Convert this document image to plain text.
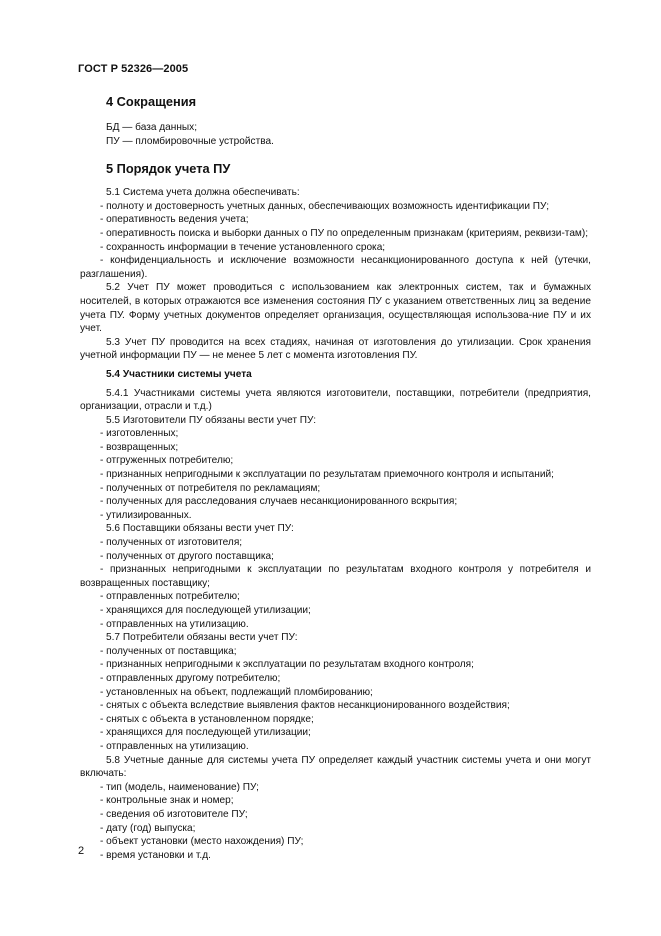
ГОСТ Р 52326—2005
4 Сокращения

БД — база данных;

ПУ — пломбировочные устройства.

5 Порядок учета ПУ

5.1 Система учета должна обеспечивать:

- полноту и достоверность учетных данных, обеспечивающих возможность идентификации ПУ;

- оперативность ведения учета;

- оперативность поиска и выборки данных о ПУ по определенным признакам (критериям, реквизи-там);

- сохранность информации в течение установленного срока;

- конфиденциальность и исключение возможности несанкционированного доступа к ней (утечки, разглашения).

5.2 Учет ПУ может проводиться с использованием как электронных систем, так и бумажных носителей, в которых отражаются все изменения состояния ПУ с указанием ответственных лиц за ведение учета ПУ. Форму учетных документов определяет организация, осуществляющая использова-ние ПУ и их учет.

5.3 Учет ПУ проводится на всех стадиях, начиная от изготовления до утилизации. Срок хранения учетной информации ПУ — не менее 5 лет с момента изготовления ПУ.

5.4 Участники системы учета

5.4.1 Участниками системы учета являются изготовители, поставщики, потребители (предприятия, организации, отрасли и т.д.)

5.5 Изготовители ПУ обязаны вести учет ПУ:

- изготовленных;

- возвращенных;

- отгруженных потребителю;

- признанных непригодными к эксплуатации по результатам приемочного контроля и испытаний;

- полученных от потребителя по рекламациям;

- полученных для расследования случаев несанкционированного вскрытия;

- утилизированных.

5.6 Поставщики обязаны вести учет ПУ:

- полученных от изготовителя;

- полученных от другого поставщика;

- признанных непригодными к эксплуатации по результатам входного контроля у потребителя и возвращенных поставщику;

- отправленных потребителю;

- хранящихся для последующей утилизации;

- отправленных на утилизацию.

5.7 Потребители обязаны вести учет ПУ:

- полученных от поставщика;

- признанных непригодными к эксплуатации по результатам входного контроля;

- отправленных другому потребителю;

- установленных на объект, подлежащий пломбированию;

- снятых с объекта вследствие выявления фактов несанкционированного воздействия;

- снятых с объекта в установленном порядке;

- хранящихся для последующей утилизации;

- отправленных на утилизацию.

5.8 Учетные данные для системы учета ПУ определяет каждый участник системы учета и они могут включать:

- тип (модель, наименование) ПУ;

- контрольные знак и номер;

- сведения об изготовителе ПУ;

- дату (год) выпуска;

- объект установки (место нахождения) ПУ;

- время установки и т.д.

2
